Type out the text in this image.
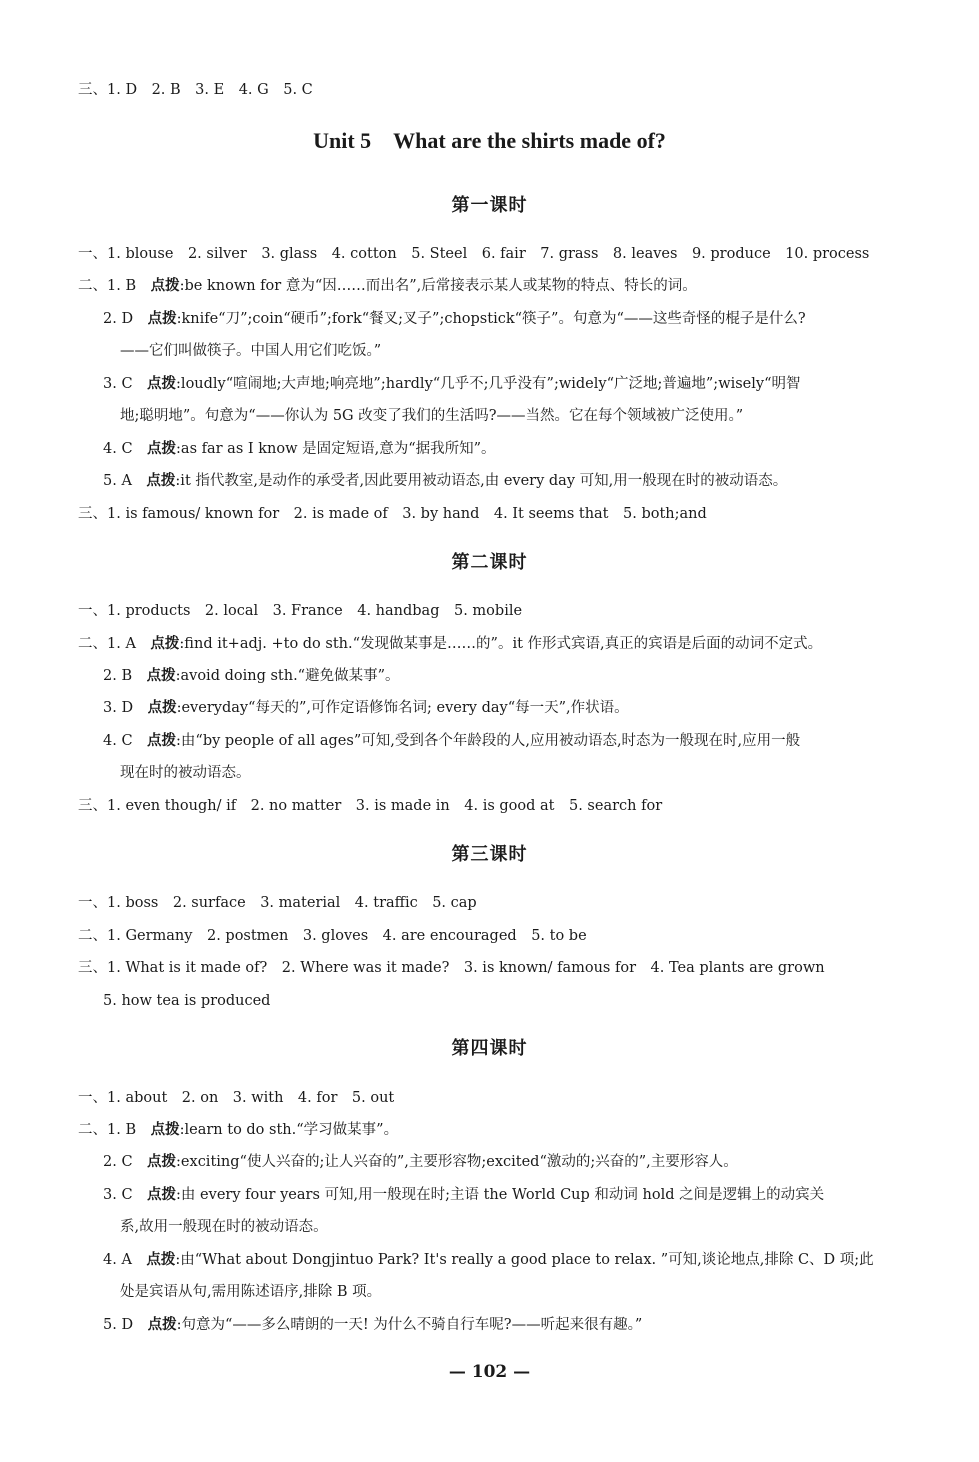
三、1. D　2. B　3. E　4. G　5. C
Unit 5　What are the shirts made of?
第一课时
一、1. blouse　2. silver　3. glass　4. cotton　5. Steel　6. fair　7. grass　8. leaves　9. produce　10. process
二、1. B　点拨:be known for 意为“因……而出名”,后常接表示某人或某物的特点、特长的词。
2. D　点拨:knife“刀”;coin“硬币”;fork“餐叉;叉子”;chopstick“筷子”。句意为“——这些奇怪的棍子是什么?
——它们叫做筷子。中国人用它们吃饭。”
3. C　点拨:loudly“喧闹地;大声地;响亮地”;hardly“几乎不;几乎没有”;widely“广泛地;普遍地”;wisely“明智
地;聪明地”。句意为“——你认为 5G 改变了我们的生活吗?——当然。它在每个领域被广泛使用。”
4. C　点拨:as far as I know 是固定短语,意为“据我所知”。
5. A　点拨:it 指代教室,是动作的承受者,因此要用被动语态,由 every day 可知,用一般现在时的被动语态。
三、1. is famous/ known for　2. is made of　3. by hand　4. It seems that　5. both;and
第二课时
一、1. products　2. local　3. France　4. handbag　5. mobile
二、1. A　点拨:find it+adj. +to do sth.“发现做某事是……的”。it 作形式宾语,真正的宾语是后面的动词不定式。
2. B　点拨:avoid doing sth.“避免做某事”。
3. D　点拨:everyday“每天的”,可作定语修饰名词; every day“每一天”,作状语。
4. C　点拨:由“by people of all ages”可知,受到各个年龄段的人,应用被动语态,时态为一般现在时,应用一般
现在时的被动语态。
三、1. even though/ if　2. no matter　3. is made in　4. is good at　5. search for
第三课时
一、1. boss　2. surface　3. material　4. traffic　5. cap
二、1. Germany　2. postmen　3. gloves　4. are encouraged　5. to be
三、1. What is it made of?　2. Where was it made?　3. is known/ famous for　4. Tea plants are grown
5. how tea is produced
第四课时
一、1. about　2. on　3. with　4. for　5. out
二、1. B　点拨:learn to do sth.“学习做某事”。
2. C　点拨:exciting“使人兴奋的;让人兴奋的”,主要形容物;excited“激动的;兴奋的”,主要形容人。
3. C　点拨:由 every four years 可知,用一般现在时;主语 the World Cup 和动词 hold 之间是逻辑上的动宾关
系,故用一般现在时的被动语态。
4. A　点拨:由“What about Dongjintuo Park? It's really a good place to relax. ”可知,谈论地点,排除 C、D 项;此
处是宾语从句,需用陈述语序,排除 B 项。
5. D　点拨:句意为“——多么晴朗的一天! 为什么不骑自行车呢?——听起来很有趣。”
— 102 —
